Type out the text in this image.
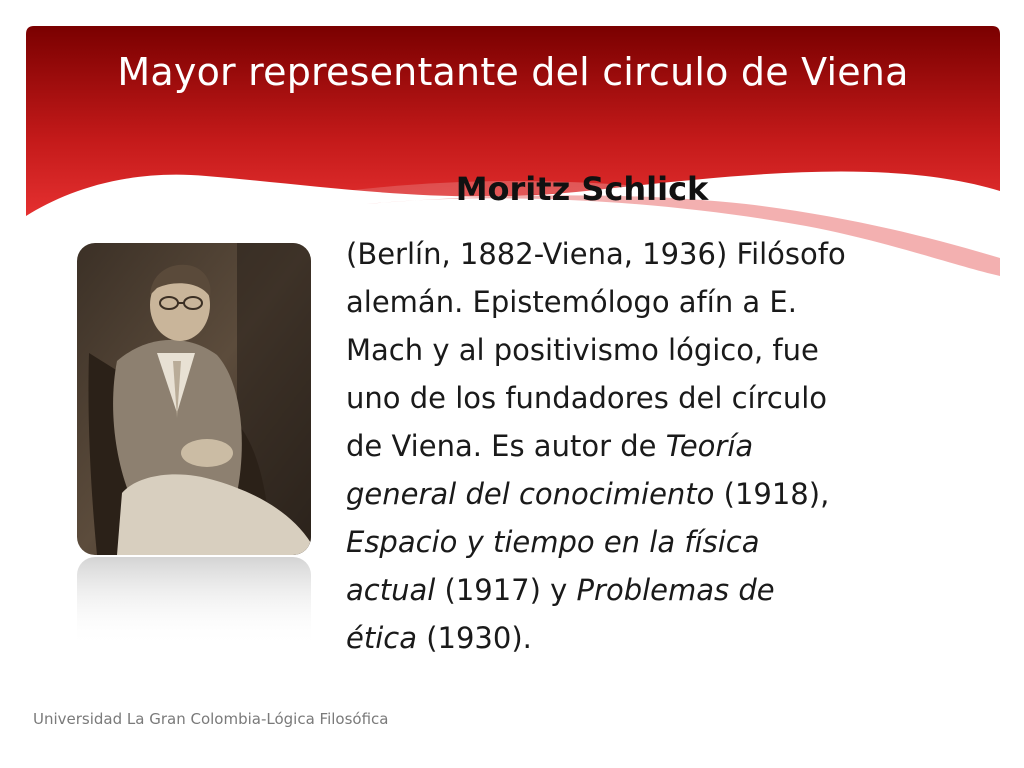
Mayor representante del circulo de Viena
Moritz Schlick
(Berlín, 1882-Viena, 1936) Filósofo
alemán. Epistemólogo afín a E.
Mach y al positivismo lógico, fue
uno de los fundadores del círculo
de Viena. Es autor de Teoría
general del conocimiento (1918),
Espacio y tiempo en la física
actual (1917) y Problemas de
ética (1930).
Universidad La Gran Colombia-Lógica Filosófica
